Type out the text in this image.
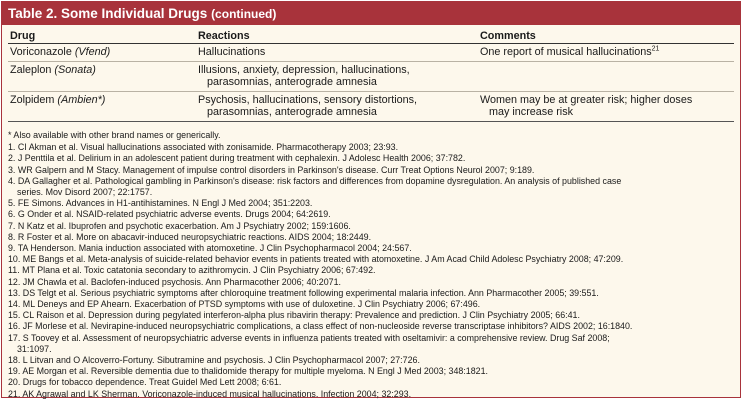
Table 2. Some Individual Drugs (continued)
Drug	Reactions	Comments
Voriconazole (Vfend)	Hallucinations	One report of musical hallucinations$^{21}$
Zaleplon (Sonata)	Illusions, anxiety, depression, hallucinations,
parasomnias, anterograde amnesia	

Zolpidem (Ambien*)	Psychosis, hallucinations, sensory distortions,
parasomnias, anterograde amnesia	Women may be at greater risk; higher doses
may increase risk
* Also available with other brand names or generically.
1. CI Akman et al. Visual hallucinations associated with zonisamide. Pharmacotherapy 2003; 23:93.
2. J Penttila et al. Delirium in an adolescent patient during treatment with cephalexin. J Adolesc Health 2006; 37:782.
3. WR Galpern and M Stacy. Management of impulse control disorders in Parkinson's disease. Curr Treat Options Neurol 2007; 9:189.
4. DA Gallagher et al. Pathological gambling in Parkinson's disease: risk factors and differences from dopamine dysregulation. An analysis of published case
series. Mov Disord 2007; 22:1757.
5. FE Simons. Advances in H1-antihistamines. N Engl J Med 2004; 351:2203.
6. G Onder et al. NSAID-related psychiatric adverse events. Drugs 2004; 64:2619.
7. N Katz et al. Ibuprofen and psychotic exacerbation. Am J Psychiatry 2002; 159:1606.
8. R Foster et al. More on abacavir-induced neuropsychiatric reactions. AIDS 2004; 18:2449.
9. TA Henderson. Mania induction associated with atomoxetine. J Clin Psychopharmacol 2004; 24:567.
10. ME Bangs et al. Meta-analysis of suicide-related behavior events in patients treated with atomoxetine. J Am Acad Child Adolesc Psychiatry 2008; 47:209.
11. MT Plana et al. Toxic catatonia secondary to azithromycin. J Clin Psychiatry 2006; 67:492.
12. JM Chawla et al. Baclofen-induced psychosis. Ann Pharmacother 2006; 40:2071.
13. DS Telgt et al. Serious psychiatric symptoms after chloroquine treatment following experimental malaria infection. Ann Pharmacother 2005; 39:551.
14. ML Deneys and EP Ahearn. Exacerbation of PTSD symptoms with use of duloxetine. J Clin Psychiatry 2006; 67:496.
15. CL Raison et al. Depression during pegylated interferon-alpha plus ribavirin therapy: Prevalence and prediction. J Clin Psychiatry 2005; 66:41.
16. JF Morlese et al. Nevirapine-induced neuropsychiatric complications, a class effect of non-nucleoside reverse transcriptase inhibitors? AIDS 2002; 16:1840.
17. S Toovey et al. Assessment of neuropsychiatric adverse events in influenza patients treated with oseltamivir: a comprehensive review. Drug Saf 2008;
31:1097.
18. L Litvan and O Alcoverro-Fortuny. Sibutramine and psychosis. J Clin Psychopharmacol 2007; 27:726.
19. AE Morgan et al. Reversible dementia due to thalidomide therapy for multiple myeloma. N Engl J Med 2003; 348:1821.
20. Drugs for tobacco dependence. Treat Guidel Med Lett 2008; 6:61.
21. AK Agrawal and LK Sherman. Voriconazole-induced musical hallucinations. Infection 2004; 32:293.
